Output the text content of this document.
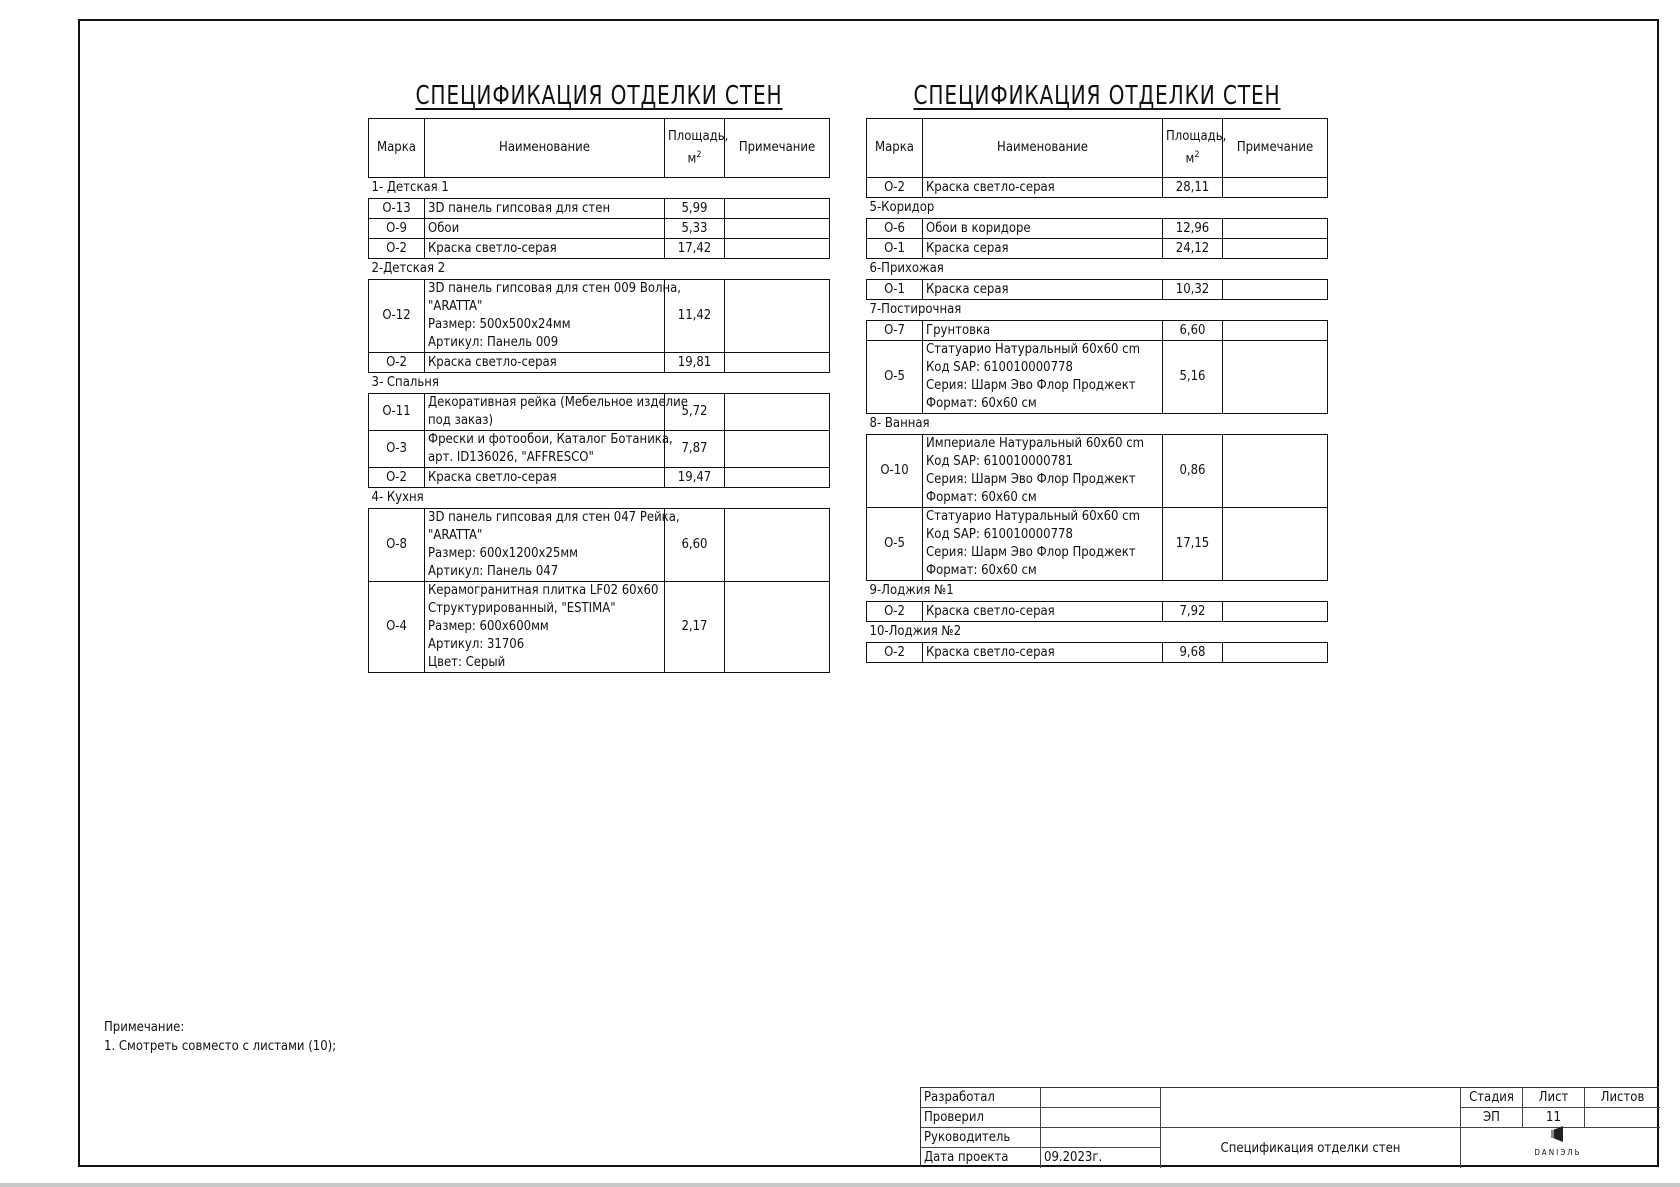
СПЕЦИФИКАЦИЯ ОТДЕЛКИ СТЕН
Марка	Наименование	Площадь,
$м^2$	Примечание
1- Детская 1			
О-13	3D панель гипсовая для стен	5,99	
О-9	Обои	5,33	
О-2	Краска светло-серая	17,42	
2-Детская 2			
О-12	3D панель гипсовая для стен 009 Волна,
"ARATTA"
Размер: 500х500х24мм
Артикул: Панель 009	11,42	
О-2	Краска светло-серая	19,81	
3- Спальня			
О-11	Декоративная рейка (Мебельное изделие
под заказ)	5,72	
О-3	Фрески и фотообои, Каталог Ботаника,
арт. ID136026, "AFFRESCO"	7,87	
О-2	Краска светло-серая	19,47	
4- Кухня			
О-8	3D панель гипсовая для стен 047 Рейка,
"ARATTA"
Размер: 600х1200х25мм
Артикул: Панель 047	6,60	
О-4	Керамогранитная плитка LF02 60х60
Структурированный, "ESTIMA"
Размер: 600х600мм
Артикул: 31706
Цвет: Серый	2,17	
СПЕЦИФИКАЦИЯ ОТДЕЛКИ СТЕН
Марка	Наименование	Площадь,
$м^2$	Примечание
О-2	Краска светло-серая	28,11	
5-Коридор			
О-6	Обои в коридоре	12,96	
О-1	Краска серая	24,12	
6-Прихожая			
О-1	Краска серая	10,32	
7-Постирочная			
О-7	Грунтовка	6,60	
О-5	Статуарио Натуральный 60х60 cm
Код SAP: 610010000778
Серия: Шарм Эво Флор Проджект
Формат: 60х60 см	5,16	
8- Ванная			
О-10	Империале Натуральный 60х60 cm
Код SAP: 610010000781
Серия: Шарм Эво Флор Проджект
Формат: 60х60 см	0,86	
О-5	Статуарио Натуральный 60х60 cm
Код SAP: 610010000778
Серия: Шарм Эво Флор Проджект
Формат: 60х60 см	17,15	
9-Лоджия №1			
О-2	Краска светло-серая	7,92	
10-Лоджия №2			
О-2	Краска светло-серая	9,68	
Примечание:
1. Смотреть совместо с листами (10);
Разработал
Проверил
Руководитель
Дата проекта	09.2023г.
Спецификация отделки стен
Стадия	Лист	Листов
ЭП	11
DANIЭЛЬ
